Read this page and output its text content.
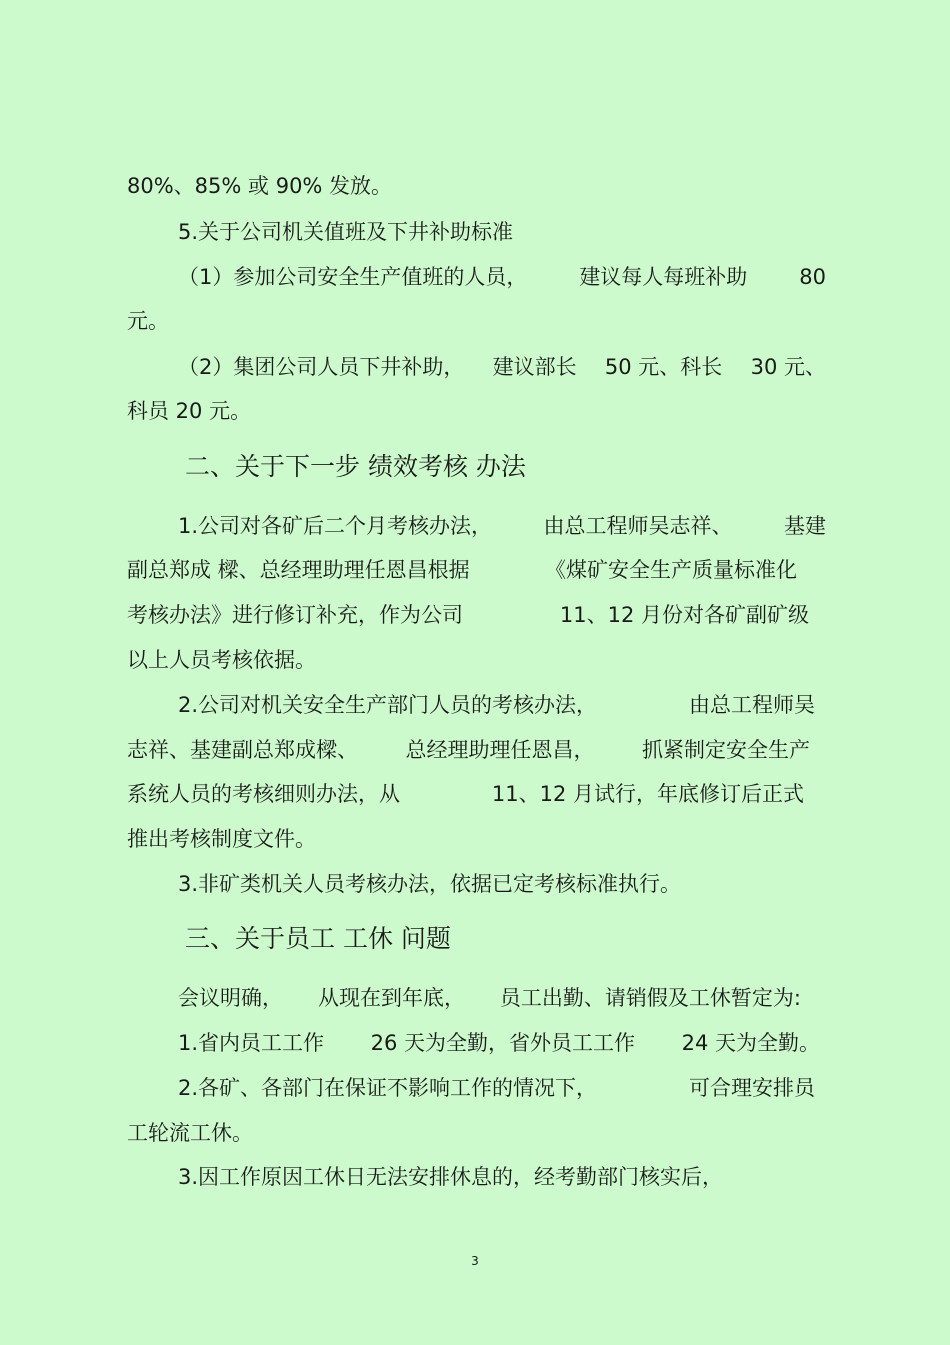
80%、85% 或 90% 发放。
5.关于公司机关值班及下井补助标准
（1）参加公司安全生产值班的人员， 建议每人每班补助 80
元。
（2）集团公司人员下井补助， 建议部长 50 元、科长 30 元、
科员 20 元。
二、关于下一步 绩效考核 办法
1.公司对各矿后二个月考核办法， 由总工程师吴志祥、 基建
副总郑成 樑、总经理助理任恩昌根据	《煤矿安全生产质量标准化
考核办法》进行修订补充，作为公司	11、12 月份对各矿副矿级
以上人员考核依据。
2.公司对机关安全生产部门人员的考核办法，	由总工程师吴
志祥、基建副总郑成樑、 总经理助理任恩昌， 抓紧制定安全生产
系统人员的考核细则办法，从	11、12 月试行，年底修订后正式
推出考核制度文件。
3.非矿类机关人员考核办法，依据已定考核标准执行。
三、关于员工 工休 问题
会议明确， 从现在到年底， 员工出勤、请销假及工休暂定为:
1.省内员工工作 26 天为全勤，省外员工工作 24 天为全勤。
2.各矿、各部门在保证不影响工作的情况下，	可合理安排员
工轮流工休。
3.因工作原因工休日无法安排休息的，经考勤部门核实后，
3
